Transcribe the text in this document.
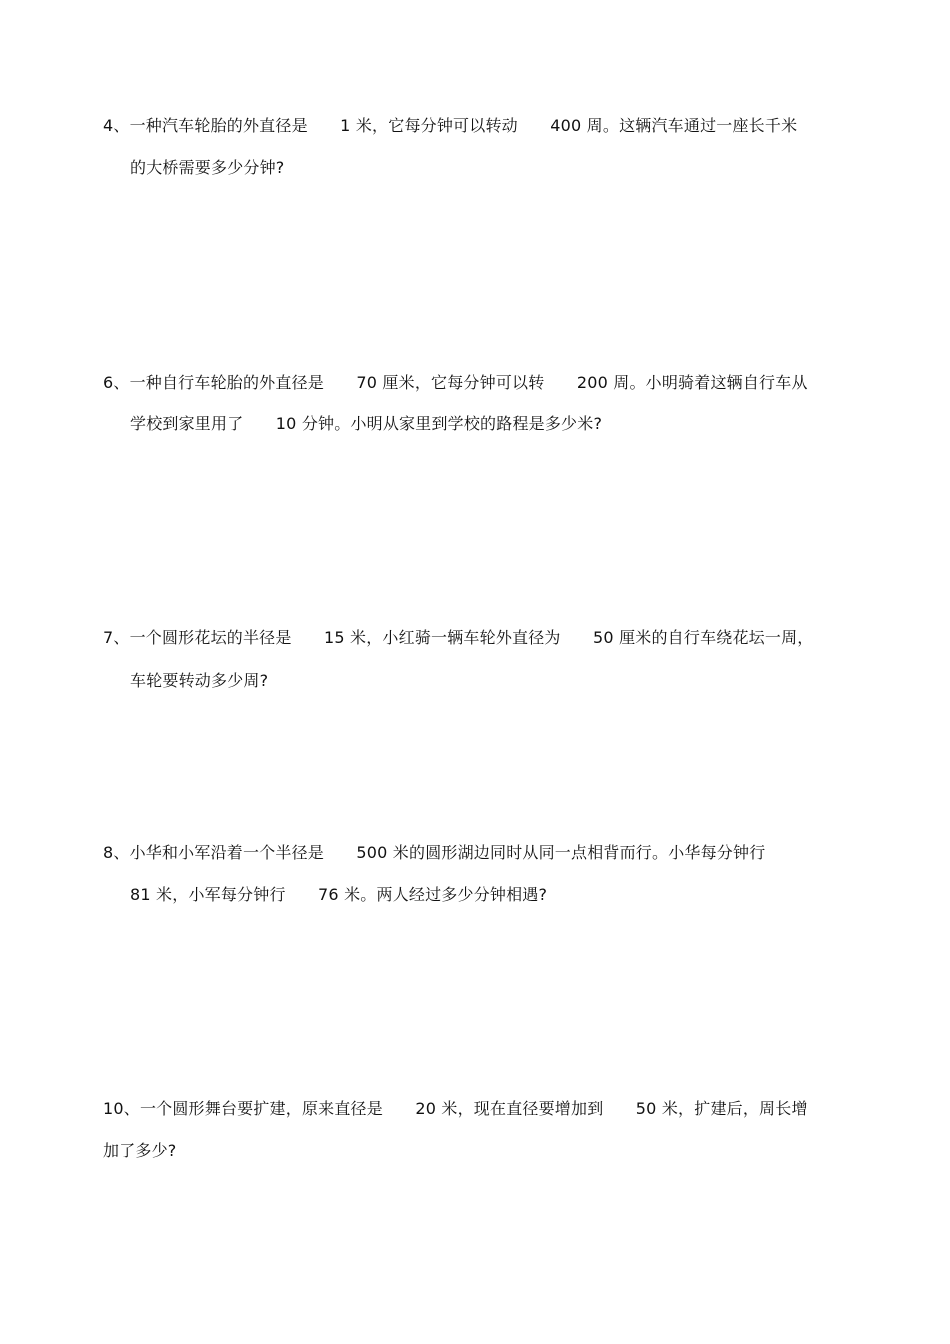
4、一种汽车轮胎的外直径是　　1 米，它每分钟可以转动　　400 周。这辆汽车通过一座长千米
的大桥需要多少分钟?
6、一种自行车轮胎的外直径是　　70 厘米，它每分钟可以转　　200 周。小明骑着这辆自行车从
学校到家里用了　　10 分钟。小明从家里到学校的路程是多少米?
7、一个圆形花坛的半径是　　15 米，小红骑一辆车轮外直径为　　50 厘米的自行车绕花坛一周，
车轮要转动多少周?
8、小华和小军沿着一个半径是　　500 米的圆形湖边同时从同一点相背而行。小华每分钟行
81 米，小军每分钟行　　76 米。两人经过多少分钟相遇?
10、一个圆形舞台要扩建，原来直径是　　20 米，现在直径要增加到　　50 米，扩建后，周长增
加了多少?
